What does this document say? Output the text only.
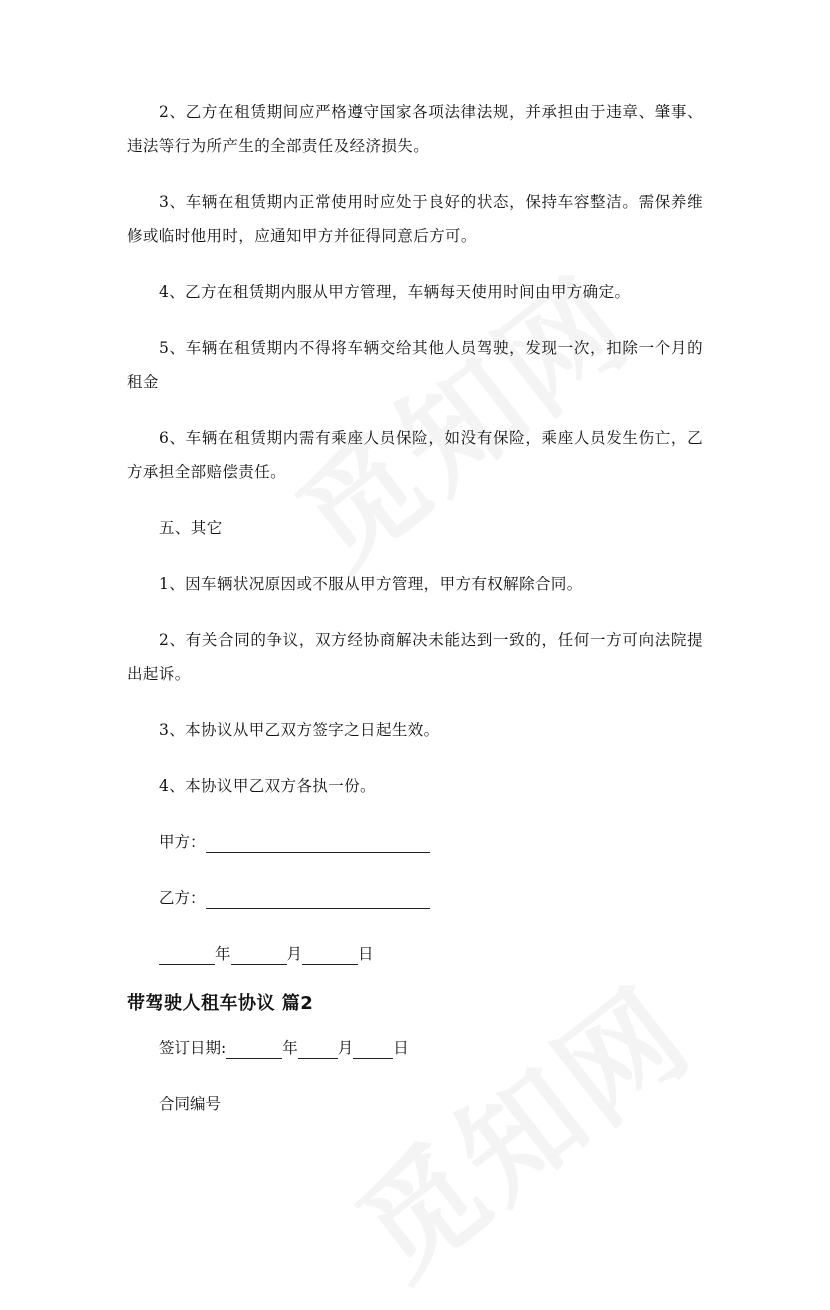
2、乙方在租赁期间应严格遵守国家各项法律法规，并承担由于违章、肇事、违法等行为所产生的全部责任及经济损失。

3、车辆在租赁期内正常使用时应处于良好的状态，保持车容整洁。需保养维修或临时他用时，应通知甲方并征得同意后方可。

4、乙方在租赁期内服从甲方管理，车辆每天使用时间由甲方确定。

5、车辆在租赁期内不得将车辆交给其他人员驾驶，发现一次，扣除一个月的租金

6、车辆在租赁期内需有乘座人员保险，如没有保险，乘座人员发生伤亡，乙方承担全部赔偿责任。

五、其它

1、因车辆状况原因或不服从甲方管理，甲方有权解除合同。

2、有关合同的争议，双方经协商解决未能达到一致的，任何一方可向法院提出起诉。

3、本协议从甲乙双方签字之日起生效。

4、本协议甲乙双方各执一份。

甲方：
乙方：
年	月	日

带驾驶人租车协议 篇2

签订日期:	年	月	日
合同编号
